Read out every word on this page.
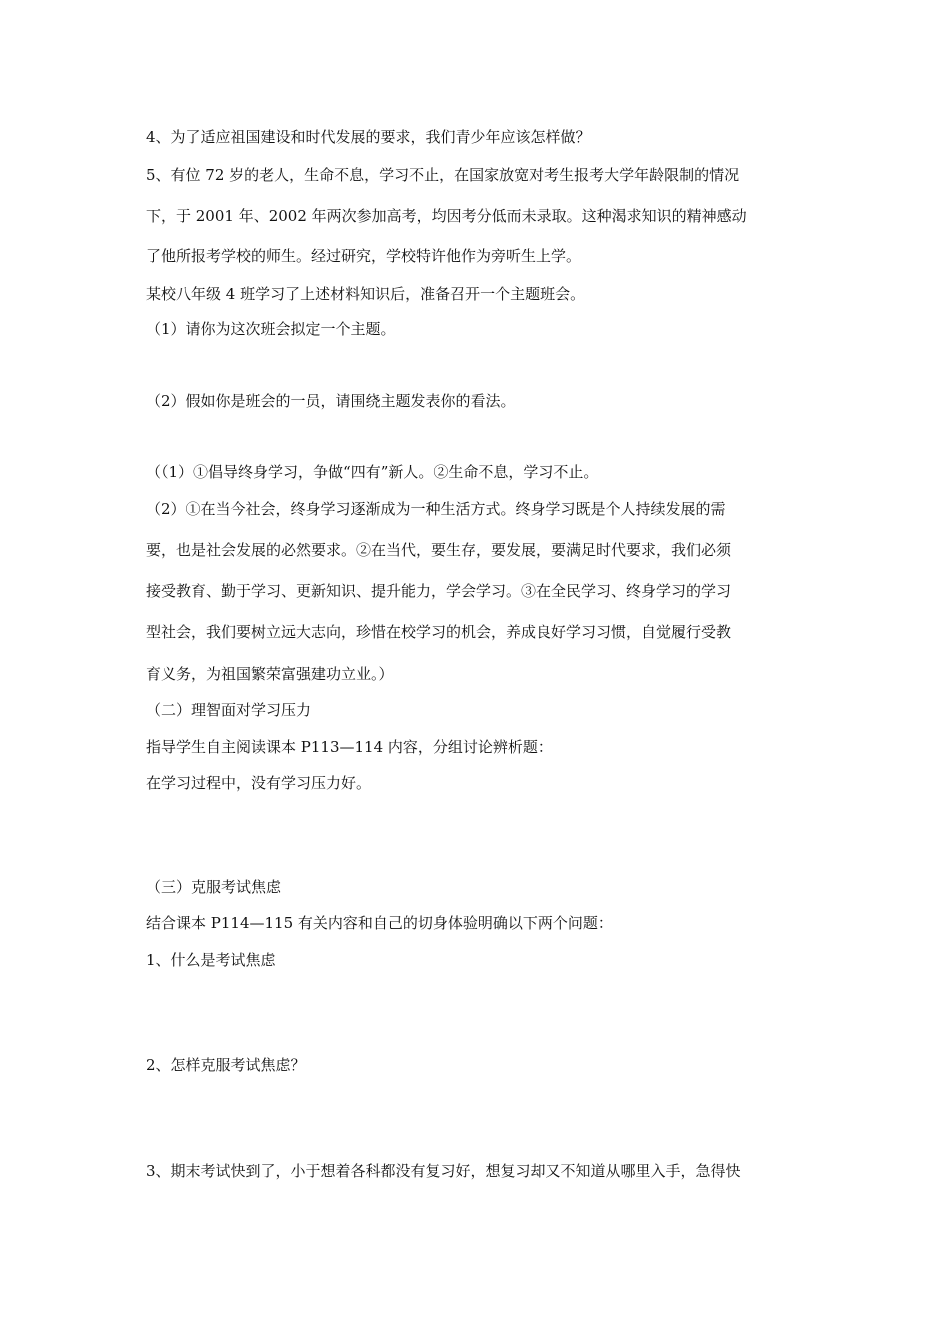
4、为了适应祖国建设和时代发展的要求，我们青少年应该怎样做？
5、有位 72 岁的老人，生命不息，学习不止，在国家放宽对考生报考大学年龄限制的情况
下，于 2001 年、2002 年两次参加高考，均因考分低而未录取。这种渴求知识的精神感动
了他所报考学校的师生。经过研究，学校特许他作为旁听生上学。
某校八年级 4 班学习了上述材料知识后，准备召开一个主题班会。
（1）请你为这次班会拟定一个主题。
（2）假如你是班会的一员，请围绕主题发表你的看法。
（（1）①倡导终身学习，争做“四有”新人。②生命不息，学习不止。
（2）①在当今社会，终身学习逐渐成为一种生活方式。终身学习既是个人持续发展的需
要，也是社会发展的必然要求。②在当代，要生存，要发展，要满足时代要求，我们必须
接受教育、勤于学习、更新知识、提升能力，学会学习。③在全民学习、终身学习的学习
型社会，我们要树立远大志向，珍惜在校学习的机会，养成良好学习习惯，自觉履行受教
育义务，为祖国繁荣富强建功立业。）
（二）理智面对学习压力
指导学生自主阅读课本 P113—114 内容，分组讨论辨析题：
在学习过程中，没有学习压力好。
（三）克服考试焦虑
结合课本 P114—115 有关内容和自己的切身体验明确以下两个问题：
1、什么是考试焦虑
2、怎样克服考试焦虑？
3、期末考试快到了，小于想着各科都没有复习好，想复习却又不知道从哪里入手，急得快
